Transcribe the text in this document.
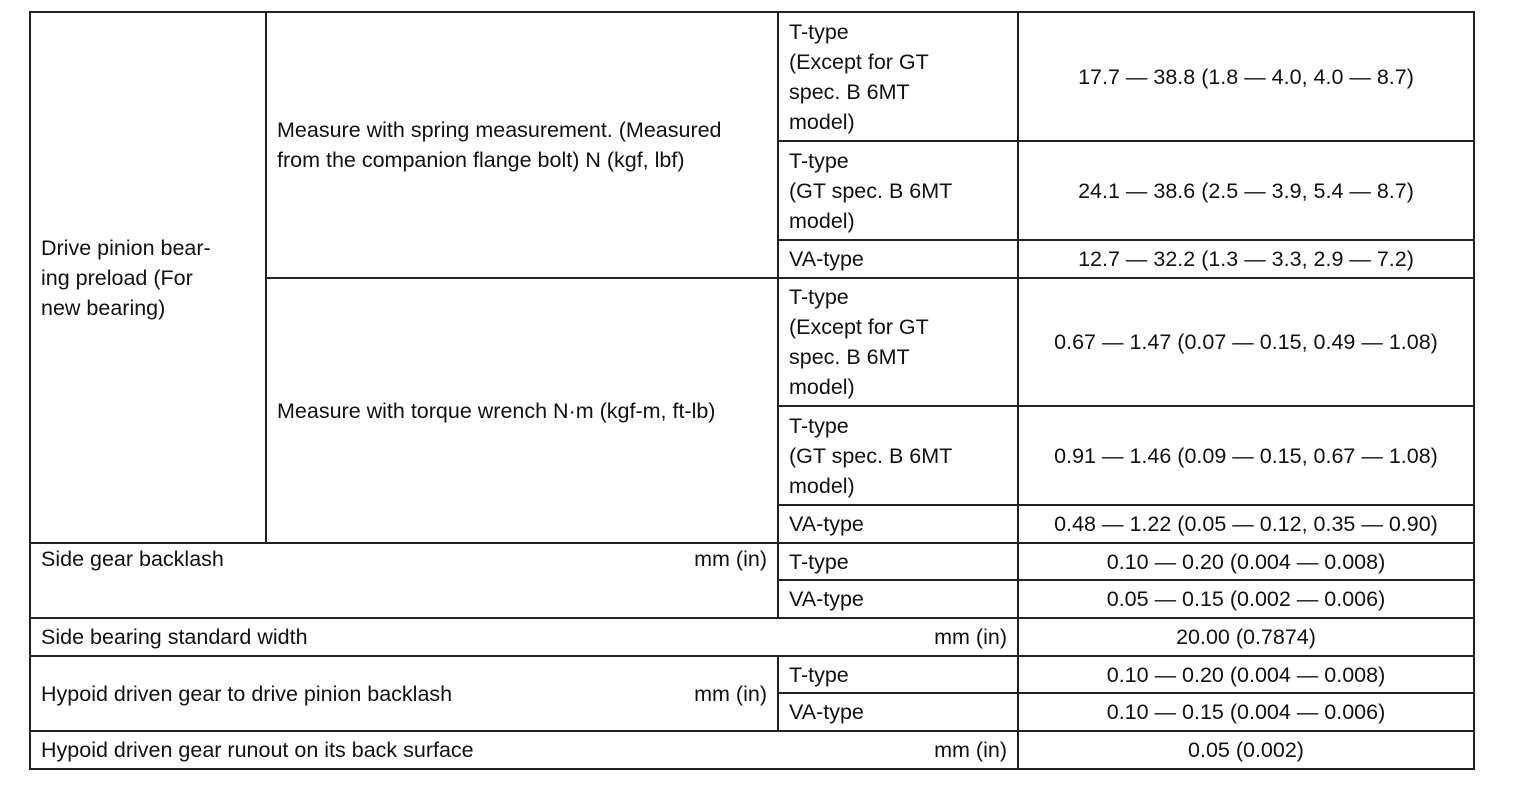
Drive pinion bear-
ing preload (For
new bearing)	Measure with spring measurement. (Measured
from the companion flange bolt) N (kgf, lbf)	T-type
(Except for GT
spec. B 6MT
model)	17.7 — 38.8 (1.8 — 4.0, 4.0 — 8.7)

		T-type
(GT spec. B 6MT
model)	24.1 — 38.6 (2.5 — 3.9, 5.4 — 8.7)

		VA-type	12.7 — 32.2 (1.3 — 3.3, 2.9 — 7.2)

	Measure with torque wrench N·m (kgf-m, ft-lb)	T-type
(Except for GT
spec. B 6MT
model)	0.67 — 1.47 (0.07 — 0.15, 0.49 — 1.08)

		T-type
(GT spec. B 6MT
model)	0.91 — 1.46 (0.09 — 0.15, 0.67 — 1.08)

		VA-type	0.48 — 1.22 (0.05 — 0.12, 0.35 — 0.90)

Side gear backlash mm (in)		T-type	0.10 — 0.20 (0.004 — 0.008)
		VA-type	0.05 — 0.15 (0.002 — 0.006)

Side bearing standard width mm (in)			20.00 (0.7874)

Hypoid driven gear to drive pinion backlash mm (in)		T-type	0.10 — 0.20 (0.004 — 0.008)
		VA-type	0.10 — 0.15 (0.004 — 0.006)

Hypoid driven gear runout on its back surface mm (in)			0.05 (0.002)
